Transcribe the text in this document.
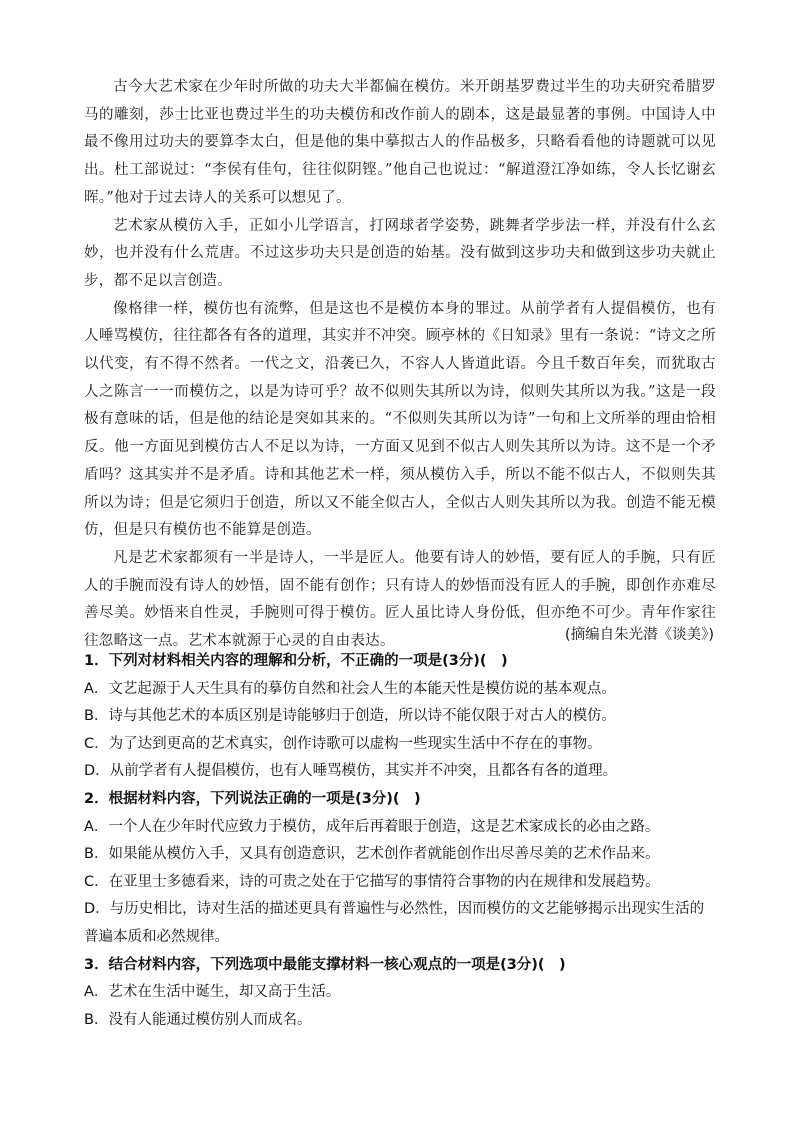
古今大艺术家在少年时所做的功夫大半都偏在模仿。米开朗基罗费过半生的功夫研究希腊罗马的雕刻，莎士比亚也费过半生的功夫模仿和改作前人的剧本，这是最显著的事例。中国诗人中最不像用过功夫的要算李太白，但是他的集中摹拟古人的作品极多，只略看看他的诗题就可以见出。杜工部说过：“李侯有佳句，往往似阴铿。”他自己也说过：“解道澄江净如练，令人长忆谢玄晖。”他对于过去诗人的关系可以想见了。

艺术家从模仿入手，正如小儿学语言，打网球者学姿势，跳舞者学步法一样，并没有什么玄妙，也并没有什么荒唐。不过这步功夫只是创造的始基。没有做到这步功夫和做到这步功夫就止步，都不足以言创造。

像格律一样，模仿也有流弊，但是这也不是模仿本身的罪过。从前学者有人提倡模仿，也有人唾骂模仿，往往都各有各的道理，其实并不冲突。顾亭林的《日知录》里有一条说：“诗文之所以代变，有不得不然者。一代之文，沿袭已久，不容人人皆道此语。今且千数百年矣，而犹取古人之陈言一一而模仿之，以是为诗可乎？故不似则失其所以为诗，似则失其所以为我。”这是一段极有意味的话，但是他的结论是突如其来的。“不似则失其所以为诗”一句和上文所举的理由恰相反。他一方面见到模仿古人不足以为诗，一方面又见到不似古人则失其所以为诗。这不是一个矛盾吗？这其实并不是矛盾。诗和其他艺术一样，须从模仿入手，所以不能不似古人，不似则失其所以为诗；但是它须归于创造，所以又不能全似古人，全似古人则失其所以为我。创造不能无模仿，但是只有模仿也不能算是创造。

凡是艺术家都须有一半是诗人，一半是匠人。他要有诗人的妙悟，要有匠人的手腕，只有匠人的手腕而没有诗人的妙悟，固不能有创作；只有诗人的妙悟而没有匠人的手腕，即创作亦难尽善尽美。妙悟来自性灵，手腕则可得于模仿。匠人虽比诗人身份低，但亦绝不可少。青年作家往往忽略这一点。艺术本就源于心灵的自由表达。	(摘编自朱光潜《谈美》)

1．下列对材料相关内容的理解和分析，不正确的一项是(3分)(　)

A．文艺起源于人天生具有的摹仿自然和社会人生的本能天性是模仿说的基本观点。

B．诗与其他艺术的本质区别是诗能够归于创造，所以诗不能仅限于对古人的模仿。

C．为了达到更高的艺术真实，创作诗歌可以虚构一些现实生活中不存在的事物。

D．从前学者有人提倡模仿，也有人唾骂模仿，其实并不冲突，且都各有各的道理。

2．根据材料内容，下列说法正确的一项是(3分)(　)

A．一个人在少年时代应致力于模仿，成年后再着眼于创造，这是艺术家成长的必由之路。

B．如果能从模仿入手，又具有创造意识，艺术创作者就能创作出尽善尽美的艺术作品来。

C．在亚里士多德看来，诗的可贵之处在于它描写的事情符合事物的内在规律和发展趋势。

D．与历史相比，诗对生活的描述更具有普遍性与必然性，因而模仿的文艺能够揭示出现实生活的普遍本质和必然规律。

3．结合材料内容，下列选项中最能支撑材料一核心观点的一项是(3分)(　)

A．艺术在生活中诞生，却又高于生活。

B．没有人能通过模仿别人而成名。
